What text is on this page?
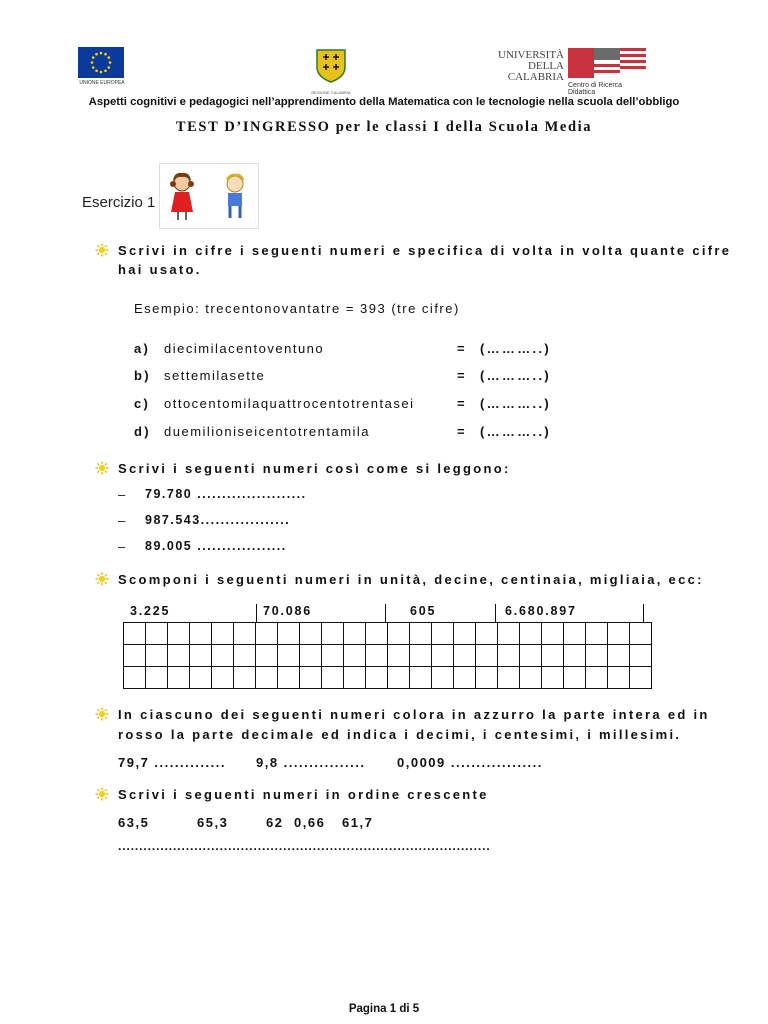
UNIONE EUROPEA
REGIONE CALABRIA
UNIVERSITÀ
DELLA CALABRIA
Centro di Ricerca Didattica
Aspetti cognitivi e pedagogici nell’apprendimento della Matematica con le tecnologie nella scuola dell’obbligo
TEST D’INGRESSO per le classi I della Scuola Media
Esercizio 1
Scrivi in cifre i seguenti numeri e specifica di volta in volta quante cifre
hai usato.
Esempio: trecentonovantatre = 393 (tre cifre)
a) diecimilacentoventuno	= (………..)
b) settemilasette	= (………..)
c) ottocentomilaquattrocentotrentasei	= (………..)
d) duemilioniseicentotrentamila	= (………..)
Scrivi i seguenti numeri così come si leggono:
– 79.780 ......................
– 987.543..................
– 89.005 ..................
Scomponi i seguenti numeri in unità, decine, centinaia, migliaia, ecc:
3.225	70.086	605	6.680.897

In ciascuno dei seguenti numeri colora in azzurro la parte intera ed in
rosso la parte decimale ed indica i decimi, i centesimi, i millesimi.
79,7 .............. 9,8 ................ 0,0009 ..................
Scrivi i seguenti numeri in ordine crescente
63,5	65,3	62 0,66 61,7
........................................................................................
Pagina 1 di 5
